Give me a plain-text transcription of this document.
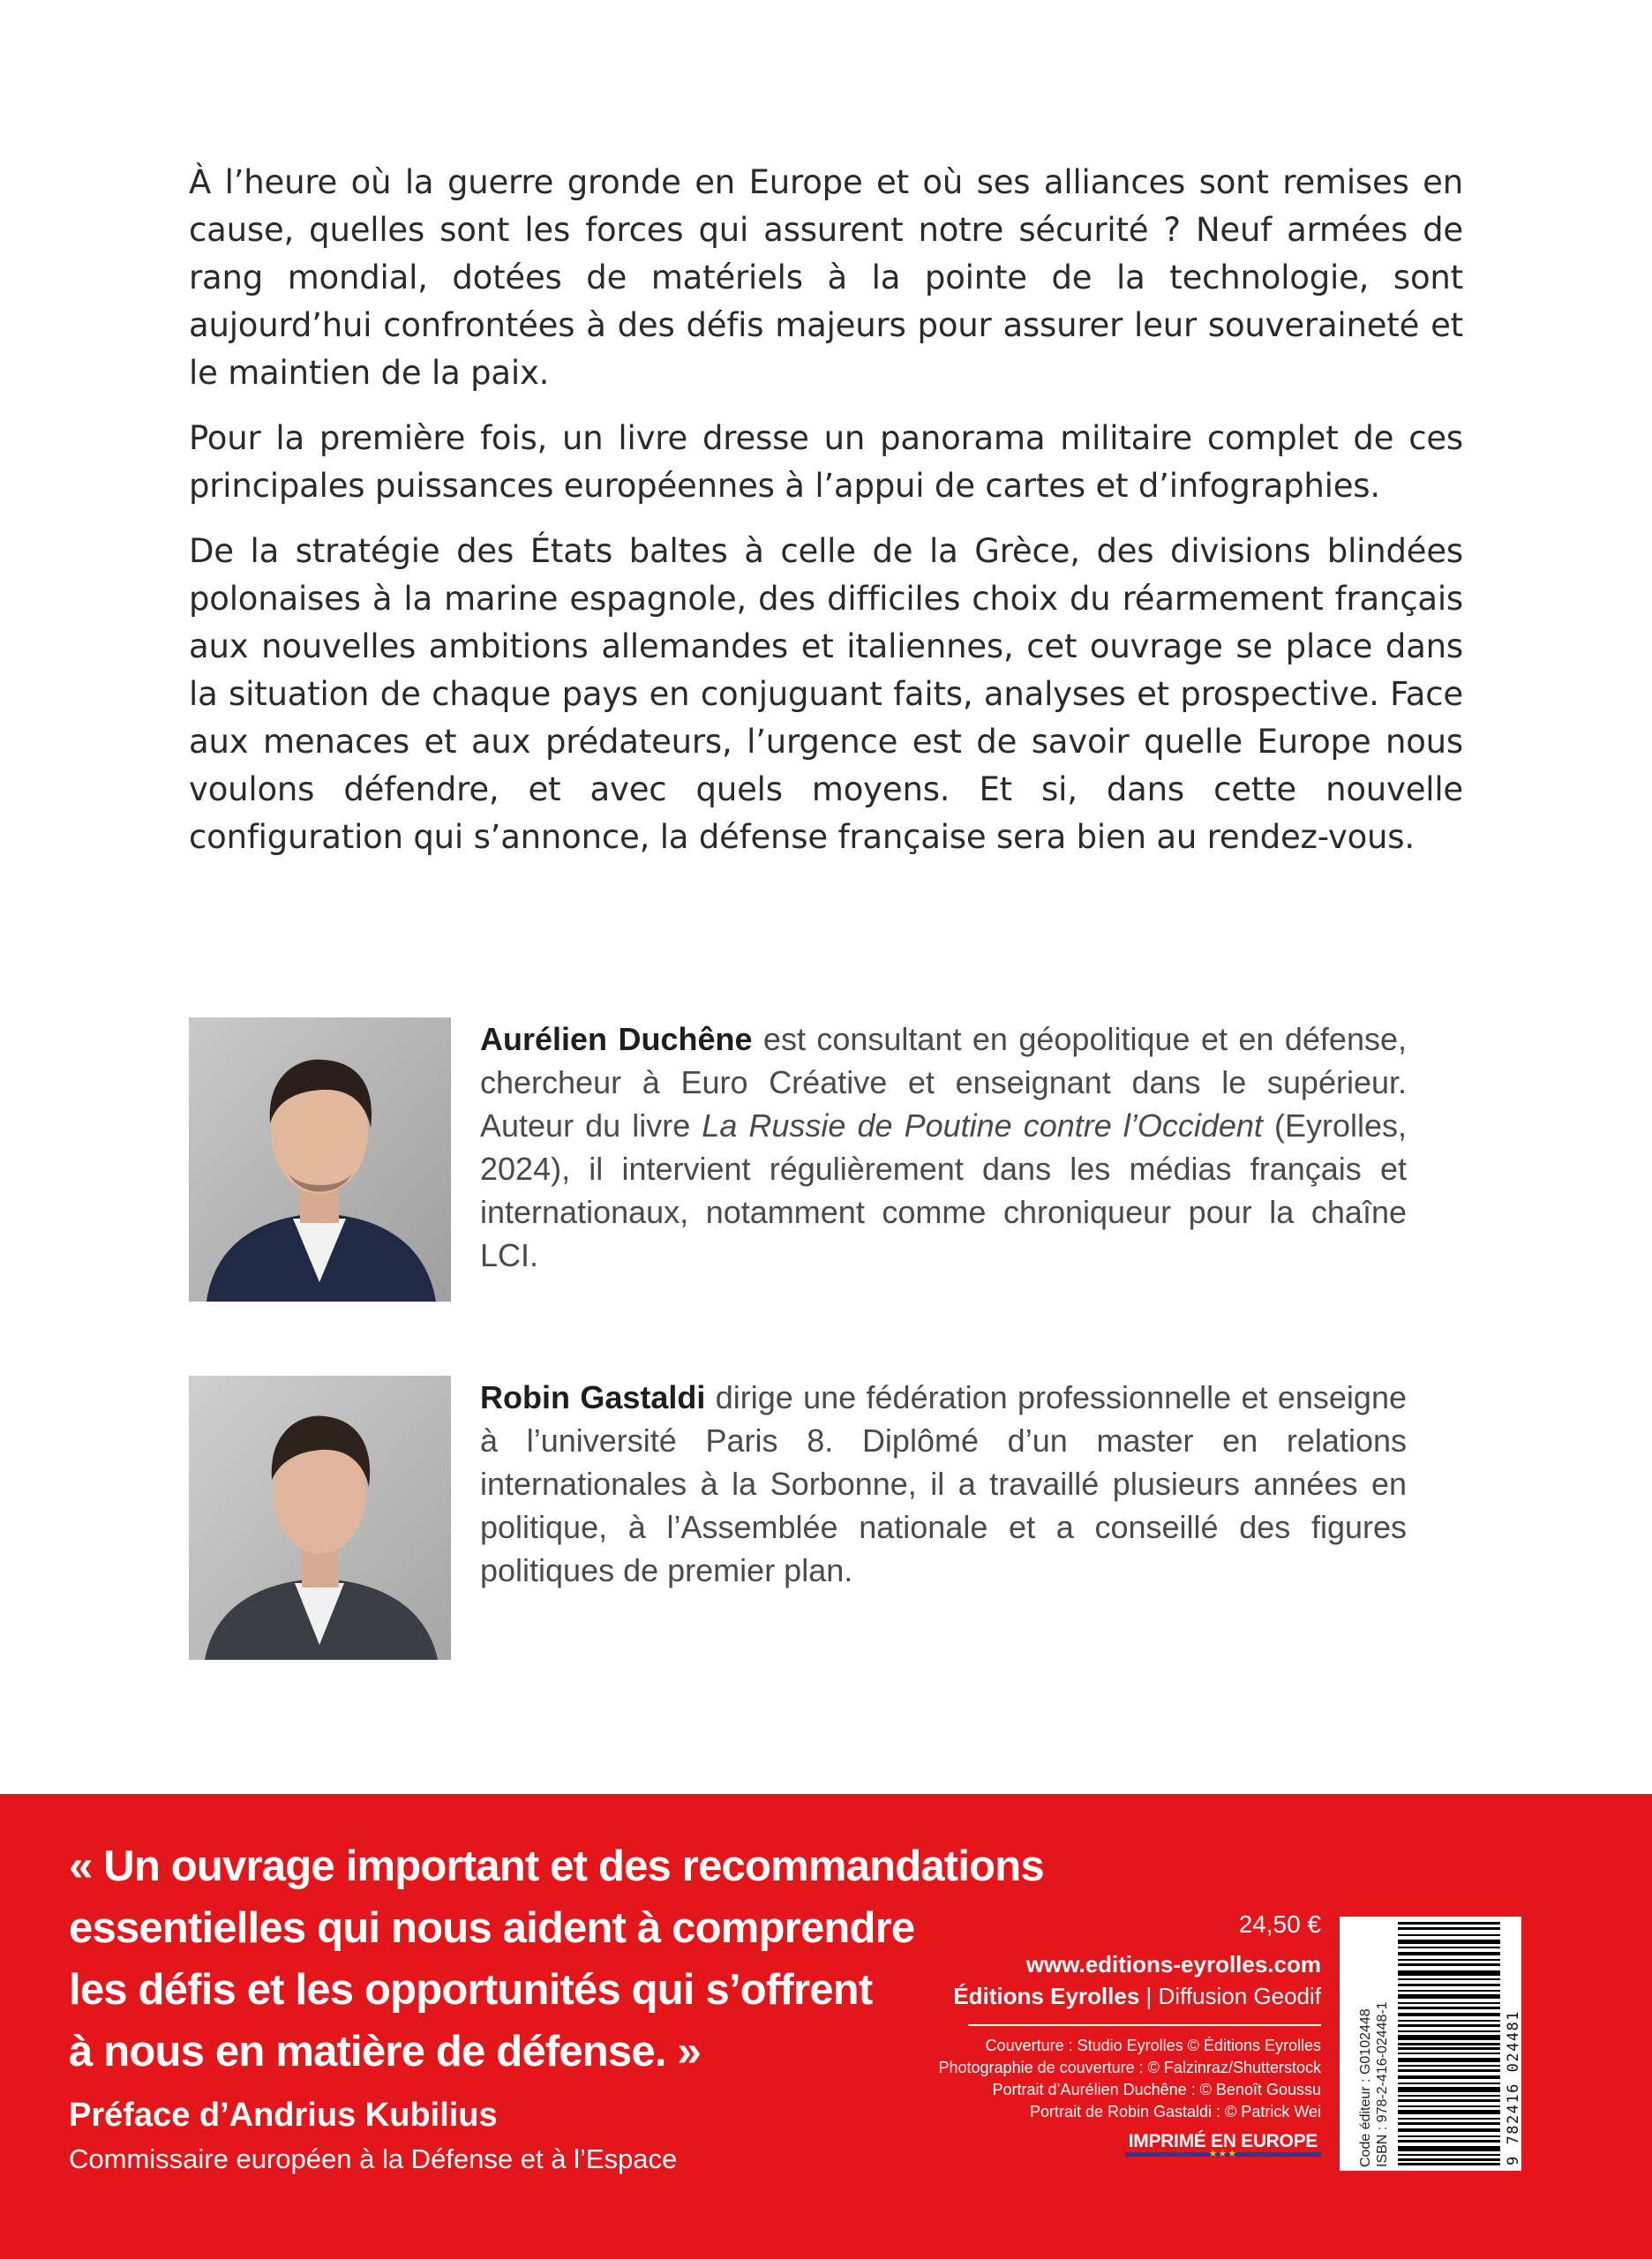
À l’heure où la guerre gronde en Europe et où ses alliances sont remises en cause, quelles sont les forces qui assurent notre sécurité ? Neuf armées de rang mondial, dotées de matériels à la pointe de la technologie, sont aujourd’hui confrontées à des défis majeurs pour assurer leur souveraineté et le maintien de la paix.

Pour la première fois, un livre dresse un panorama militaire complet de ces principales puissances européennes à l’appui de cartes et d’infographies.

De la stratégie des États baltes à celle de la Grèce, des divisions blindées polonaises à la marine espagnole, des difficiles choix du réarmement français aux nouvelles ambitions allemandes et italiennes, cet ouvrage se place dans la situation de chaque pays en conjuguant faits, analyses et prospective. Face aux menaces et aux prédateurs, l’urgence est de savoir quelle Europe nous voulons défendre, et avec quels moyens. Et si, dans cette nouvelle configuration qui s’annonce, la défense française sera bien au rendez-vous.

Aurélien Duchêne est consultant en géopolitique et en défense, chercheur à Euro Créative et enseignant dans le supérieur. Auteur du livre La Russie de Poutine contre l’Occident (Eyrolles, 2024), il intervient régulièrement dans les médias français et internationaux, notamment comme chroniqueur pour la chaîne LCI.
Robin Gastaldi dirige une fédération professionnelle et enseigne à l’université Paris 8. Diplômé d’un master en relations internationales à la Sorbonne, il a travaillé plusieurs années en politique, à l’Assemblée nationale et a conseillé des figures politiques de premier plan.
« Un ouvrage important et des recommandations
essentielles qui nous aident à comprendre
les défis et les opportunités qui s’offrent
à nous en matière de défense. »
Préface d’Andrius Kubilius
Commissaire européen à la Défense et à l’Espace
24,50 €
www.editions-eyrolles.com
Éditions Eyrolles | Diffusion Geodif
Couverture : Studio Eyrolles © Éditions Eyrolles
Photographie de couverture : © Falzinraz/Shutterstock
Portrait d’Aurélien Duchêne : © Benoît Goussu
Portrait de Robin Gastaldi : © Patrick Wei
IMPRIMÉ EN EUROPE
★★★	Code éditeur : G0102448 ISBN : 978-2-416-02448-1	9 782416 024481
